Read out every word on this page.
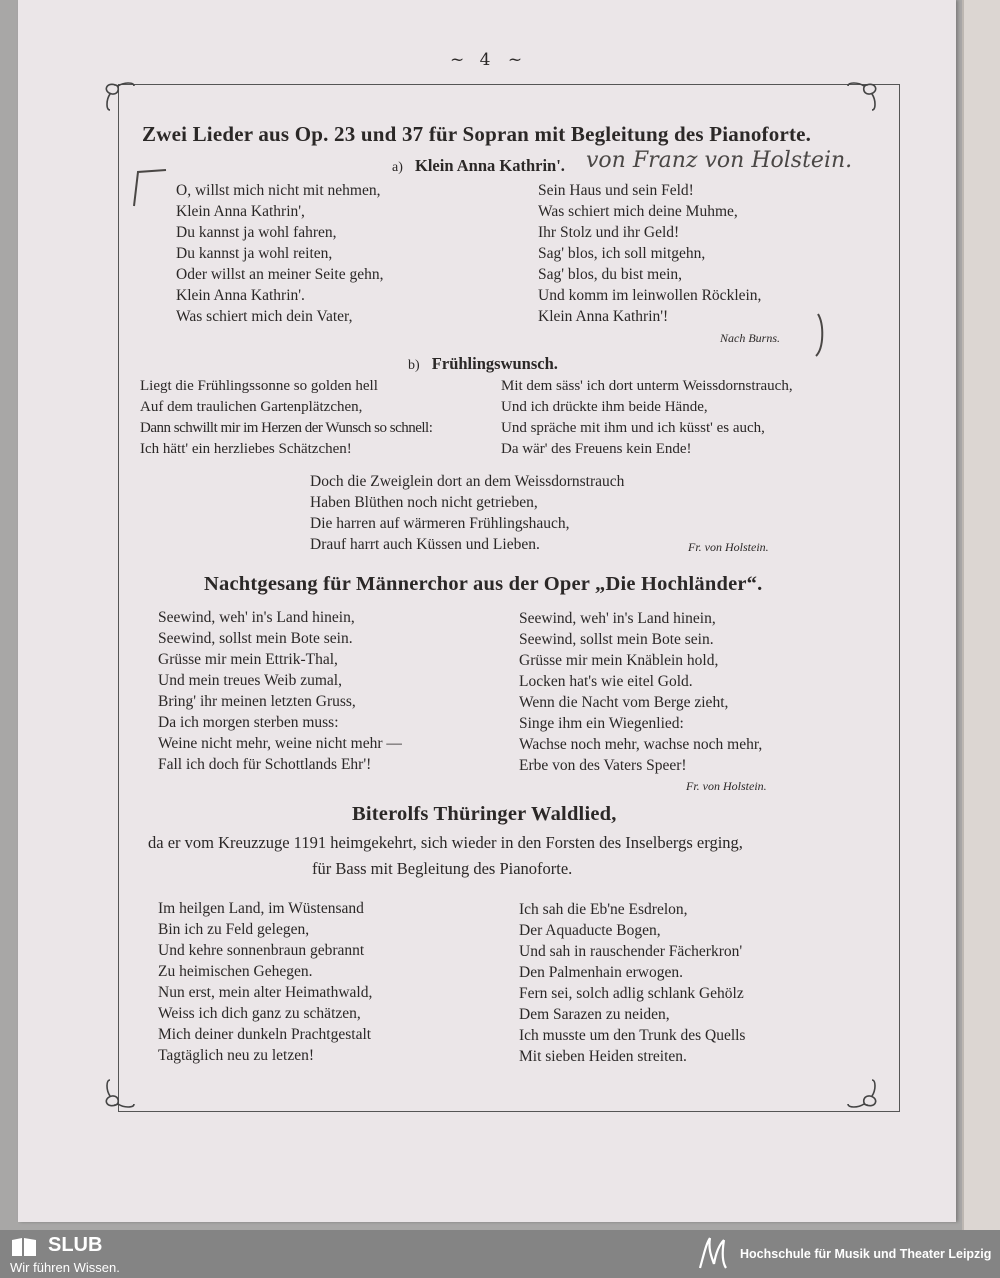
~ 4 ~
Zwei Lieder aus Op. 23 und 37 für Sopran mit Begleitung des Pianoforte.
a) Klein Anna Kathrin'. von Franz von Holstein.
O, willst mich nicht mit nehmen,
Klein Anna Kathrin',
Du kannst ja wohl fahren,
Du kannst ja wohl reiten,
Oder willst an meiner Seite gehn,
Klein Anna Kathrin'.
Was schiert mich dein Vater,
Sein Haus und sein Feld!
Was schiert mich deine Muhme,
Ihr Stolz und ihr Geld!
Sag' blos, ich soll mitgehn,
Sag' blos, du bist mein,
Und komm im leinwollen Röcklein,
Klein Anna Kathrin'!
Nach Burns.
b) Frühlingswunsch.
Liegt die Frühlingssonne so golden hell
Auf dem traulichen Gartenplätzchen,
Dann schwillt mir im Herzen der Wunsch so schnell:
Ich hätt' ein herzliebes Schätzchen!
Mit dem säss' ich dort unterm Weissdornstrauch,
Und ich drückte ihm beide Hände,
Und spräche mit ihm und ich küsst' es auch,
Da wär' des Freuens kein Ende!
Doch die Zweiglein dort an dem Weissdornstrauch
Haben Blüthen noch nicht getrieben,
Die harren auf wärmeren Frühlingshauch,
Drauf harrt auch Küssen und Lieben.	Fr. von Holstein.
Nachtgesang für Männerchor aus der Oper „Die Hochländer“.
Seewind, weh' in's Land hinein,
Seewind, sollst mein Bote sein.
Grüsse mir mein Ettrik-Thal,
Und mein treues Weib zumal,
Bring' ihr meinen letzten Gruss,
Da ich morgen sterben muss:
Weine nicht mehr, weine nicht mehr —
Fall ich doch für Schottlands Ehr'!
Seewind, weh' in's Land hinein,
Seewind, sollst mein Bote sein.
Grüsse mir mein Knäblein hold,
Locken hat's wie eitel Gold.
Wenn die Nacht vom Berge zieht,
Singe ihm ein Wiegenlied:
Wachse noch mehr, wachse noch mehr,
Erbe von des Vaters Speer!
Fr. von Holstein.
Biterolfs Thüringer Waldlied,
da er vom Kreuzzuge 1191 heimgekehrt, sich wieder in den Forsten des Inselbergs erging,
für Bass mit Begleitung des Pianoforte.
Im heilgen Land, im Wüstensand
Bin ich zu Feld gelegen,
Und kehre sonnenbraun gebrannt
Zu heimischen Gehegen.
Nun erst, mein alter Heimathwald,
Weiss ich dich ganz zu schätzen,
Mich deiner dunkeln Prachtgestalt
Tagtäglich neu zu letzen!
Ich sah die Eb'ne Esdrelon,
Der Aquaducte Bogen,
Und sah in rauschender Fächerkron'
Den Palmenhain erwogen.
Fern sei, solch adlig schlank Gehölz
Dem Sarazen zu neiden,
Ich musste um den Trunk des Quells
Mit sieben Heiden streiten.
SLUB
Wir führen Wissen.
Hochschule für Musik und Theater Leipzig
